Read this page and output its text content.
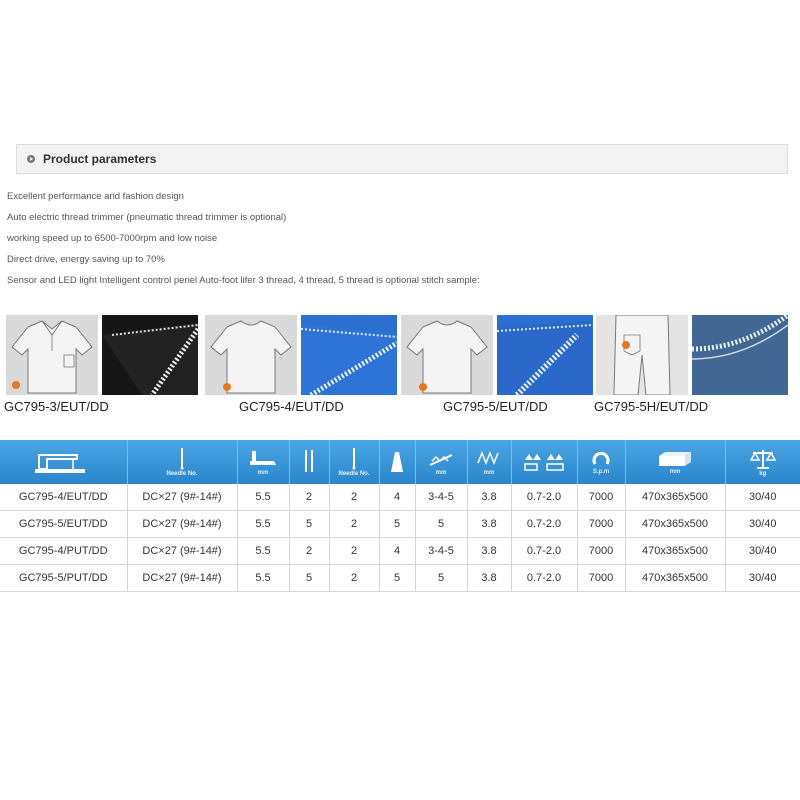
Product parameters
Excellent performance and fashion design
Auto electric thread trimmer (pneumatic thread trimmer is optional)
working speed up to 6500-7000rpm and low noise
Direct drive, energy saving up to 70%
Sensor and LED light Intelligent control penel Auto-foot lifer 3 thread, 4 thread, 5 thread is optional stitch sample:
GC795-3/EUT/DD	GC795-4/EUT/DD	GC795-5/EUT/DD	GC795-5H/EUT/DD

Needle No.	mm		Needle No.		mm	mm		S.p.m	mm	kg

GC795-4/EUT/DD	DC×27 (9#-14#)	5.5	2	2	4	3-4-5	3.8	0.7-2.0	7000	470x365x500	30/40
GC795-5/EUT/DD	DC×27 (9#-14#)	5.5	5	2	5	5	3.8	0.7-2.0	7000	470x365x500	30/40
GC795-4/PUT/DD	DC×27 (9#-14#)	5.5	2	2	4	3-4-5	3.8	0.7-2.0	7000	470x365x500	30/40
GC795-5/PUT/DD	DC×27 (9#-14#)	5.5	5	2	5	5	3.8	0.7-2.0	7000	470x365x500	30/40
